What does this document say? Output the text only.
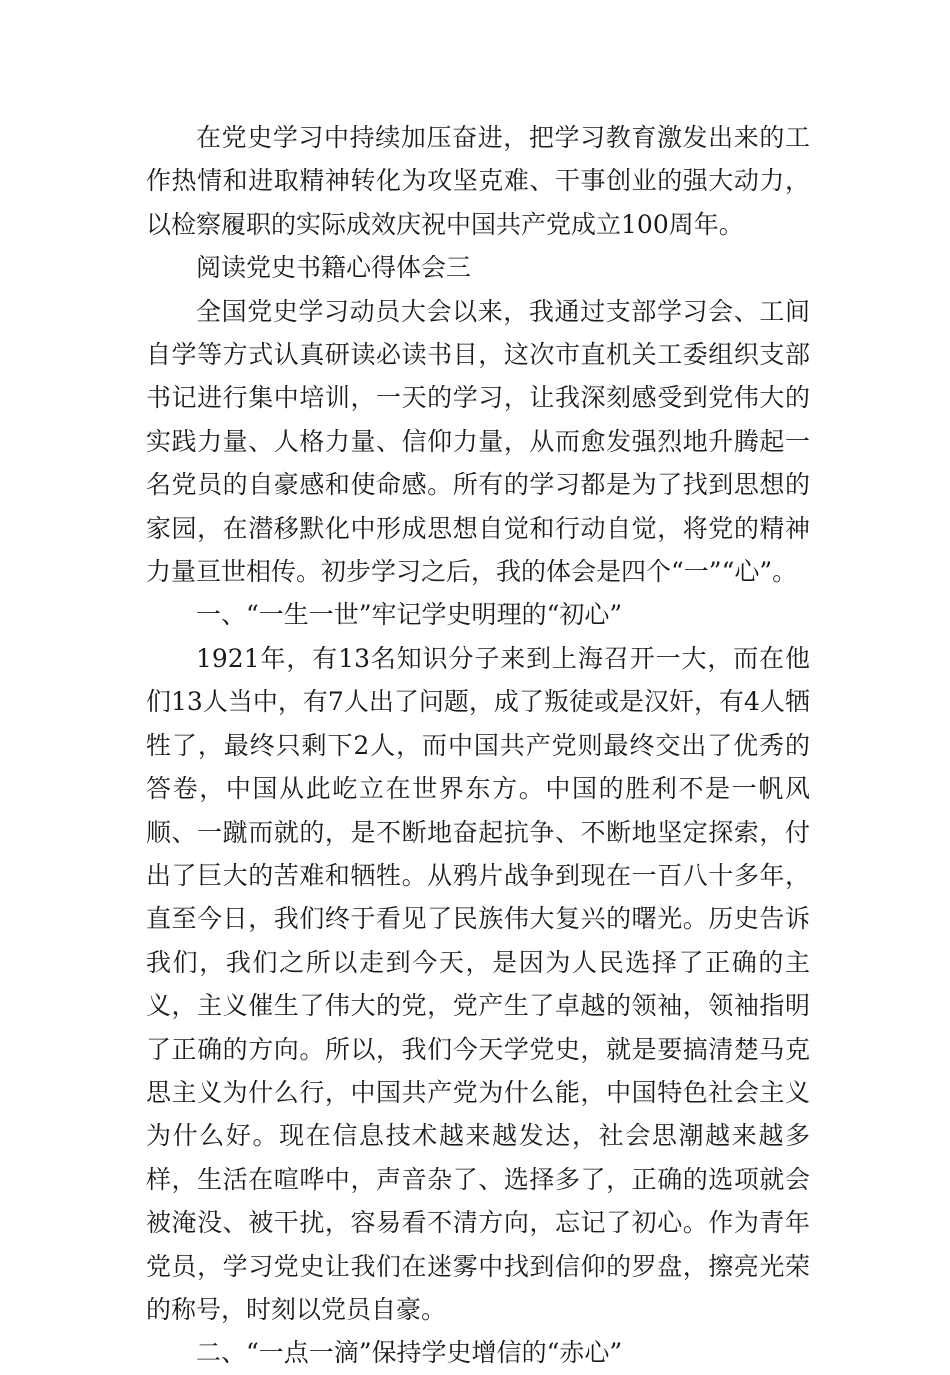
在党史学习中持续加压奋进，把学习教育激发出来的工作热情和进取精神转化为攻坚克难、干事创业的强大动力，以检察履职的实际成效庆祝中国共产党成立100周年。

阅读党史书籍心得体会三

全国党史学习动员大会以来，我通过支部学习会、工间自学等方式认真研读必读书目，这次市直机关工委组织支部书记进行集中培训，一天的学习，让我深刻感受到党伟大的实践力量、人格力量、信仰力量，从而愈发强烈地升腾起一名党员的自豪感和使命感。所有的学习都是为了找到思想的家园，在潜移默化中形成思想自觉和行动自觉，将党的精神力量亘世相传。初步学习之后，我的体会是四个“一”“心”。

一、“一生一世”牢记学史明理的“初心”

1921年，有13名知识分子来到上海召开一大，而在他们13人当中，有7人出了问题，成了叛徒或是汉奸，有4人牺牲了，最终只剩下2人，而中国共产党则最终交出了优秀的答卷，中国从此屹立在世界东方。中国的胜利不是一帆风顺、一蹴而就的，是不断地奋起抗争、不断地坚定探索，付出了巨大的苦难和牺牲。从鸦片战争到现在一百八十多年，直至今日，我们终于看见了民族伟大复兴的曙光。历史告诉我们，我们之所以走到今天，是因为人民选择了正确的主义，主义催生了伟大的党，党产生了卓越的领袖，领袖指明了正确的方向。所以，我们今天学党史，就是要搞清楚马克思主义为什么行，中国共产党为什么能，中国特色社会主义为什么好。现在信息技术越来越发达，社会思潮越来越多样，生活在喧哗中，声音杂了、选择多了，正确的选项就会被淹没、被干扰，容易看不清方向，忘记了初心。作为青年党员，学习党史让我们在迷雾中找到信仰的罗盘，擦亮光荣的称号，时刻以党员自豪。

二、“一点一滴”保持学史增信的“赤心”
